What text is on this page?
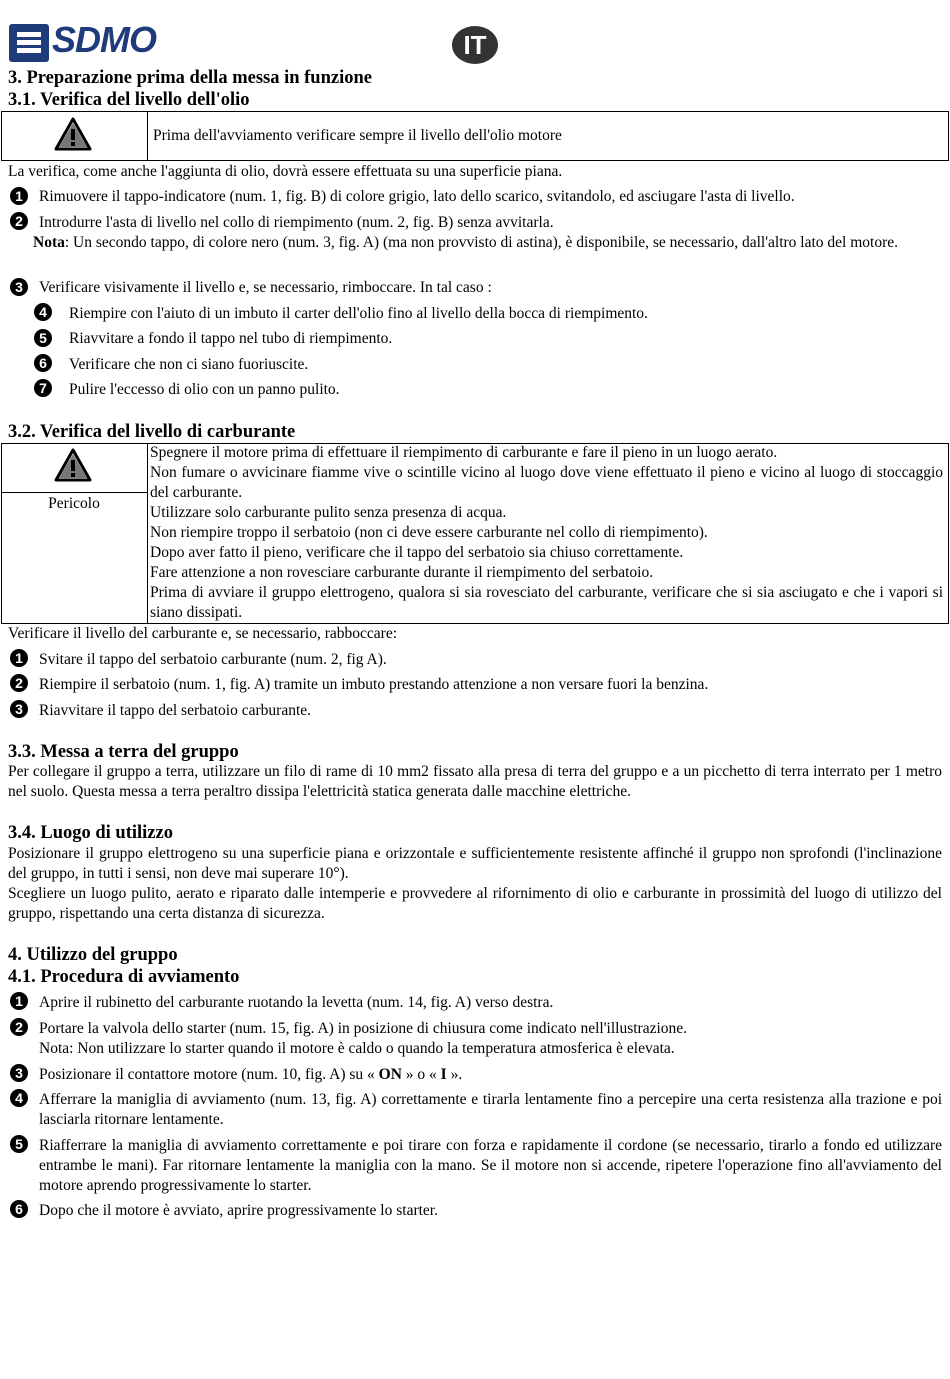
SDMO	IT
3. Preparazione prima della messa in funzione
3.1. Verifica del livello dell'olio
Prima dell'avviamento verificare sempre il livello dell'olio motore
La verifica, come anche l'aggiunta di olio, dovrà essere effettuata su una superficie piana.
1 Rimuovere il tappo-indicatore (num. 1, fig. B) di colore grigio, lato dello scarico, svitandolo, ed asciugare l'asta di livello.
2 Introdurre l'asta di livello nel collo di riempimento (num. 2, fig. B) senza avvitarla.
Nota: Un secondo tappo, di colore nero (num. 3, fig. A) (ma non provvisto di astina), è disponibile, se necessario, dall'altro lato del motore.
3 Verificare visivamente il livello e, se necessario, rimboccare. In tal caso :
4 Riempire con l'aiuto di un imbuto il carter dell'olio fino al livello della bocca di riempimento.
5 Riavvitare a fondo il tappo nel tubo di riempimento.
6 Verificare che non ci siano fuoriuscite.
7 Pulire l'eccesso di olio con un panno pulito.
3.2. Verifica del livello di carburante
Pericolo
Spegnere il motore prima di effettuare il riempimento di carburante e fare il pieno in un luogo aerato.
Non fumare o avvicinare fiamme vive o scintille vicino al luogo dove viene effettuato il pieno e vicino al luogo di stoccaggio del carburante.
Utilizzare solo carburante pulito senza presenza di acqua.
Non riempire troppo il serbatoio (non ci deve essere carburante nel collo di riempimento).
Dopo aver fatto il pieno, verificare che il tappo del serbatoio sia chiuso correttamente.
Fare attenzione a non rovesciare carburante durante il riempimento del serbatoio.
Prima di avviare il gruppo elettrogeno, qualora si sia rovesciato del carburante, verificare che si sia asciugato e che i vapori si siano dissipati.
Verificare il livello del carburante e, se necessario, rabboccare:
1 Svitare il tappo del serbatoio carburante (num. 2, fig A).
2 Riempire il serbatoio (num. 1, fig. A) tramite un imbuto prestando attenzione a non versare fuori la benzina.
3 Riavvitare il tappo del serbatoio carburante.
3.3. Messa a terra del gruppo
Per collegare il gruppo a terra, utilizzare un filo di rame di 10 mm2 fissato alla presa di terra del gruppo e a un picchetto di terra interrato per 1 metro nel suolo. Questa messa a terra peraltro dissipa l'elettricità statica generata dalle macchine elettriche.
3.4. Luogo di utilizzo
Posizionare il gruppo elettrogeno su una superficie piana e orizzontale e sufficientemente resistente affinché il gruppo non sprofondi (l'inclinazione del gruppo, in tutti i sensi, non deve mai superare 10°).
Scegliere un luogo pulito, aerato e riparato dalle intemperie e provvedere al rifornimento di olio e carburante in prossimità del luogo di utilizzo del gruppo, rispettando una certa distanza di sicurezza.
4. Utilizzo del gruppo
4.1. Procedura di avviamento
1 Aprire il rubinetto del carburante ruotando la levetta (num. 14, fig. A) verso destra.
2 Portare la valvola dello starter (num. 15, fig. A) in posizione di chiusura come indicato nell'illustrazione.
Nota: Non utilizzare lo starter quando il motore è caldo o quando la temperatura atmosferica è elevata.
3 Posizionare il contattore motore (num. 10, fig. A) su « ON » o « I ».
4 Afferrare la maniglia di avviamento (num. 13, fig. A) correttamente e tirarla lentamente fino a percepire una certa resistenza alla trazione e poi lasciarla ritornare lentamente.
5 Riafferrare la maniglia di avviamento correttamente e poi tirare con forza e rapidamente il cordone (se necessario, tirarlo a fondo ed utilizzare entrambe le mani). Far ritornare lentamente la maniglia con la mano. Se il motore non si accende, ripetere l'operazione fino all'avviamento del motore aprendo progressivamente lo starter.
6 Dopo che il motore è avviato, aprire progressivamente lo starter.
